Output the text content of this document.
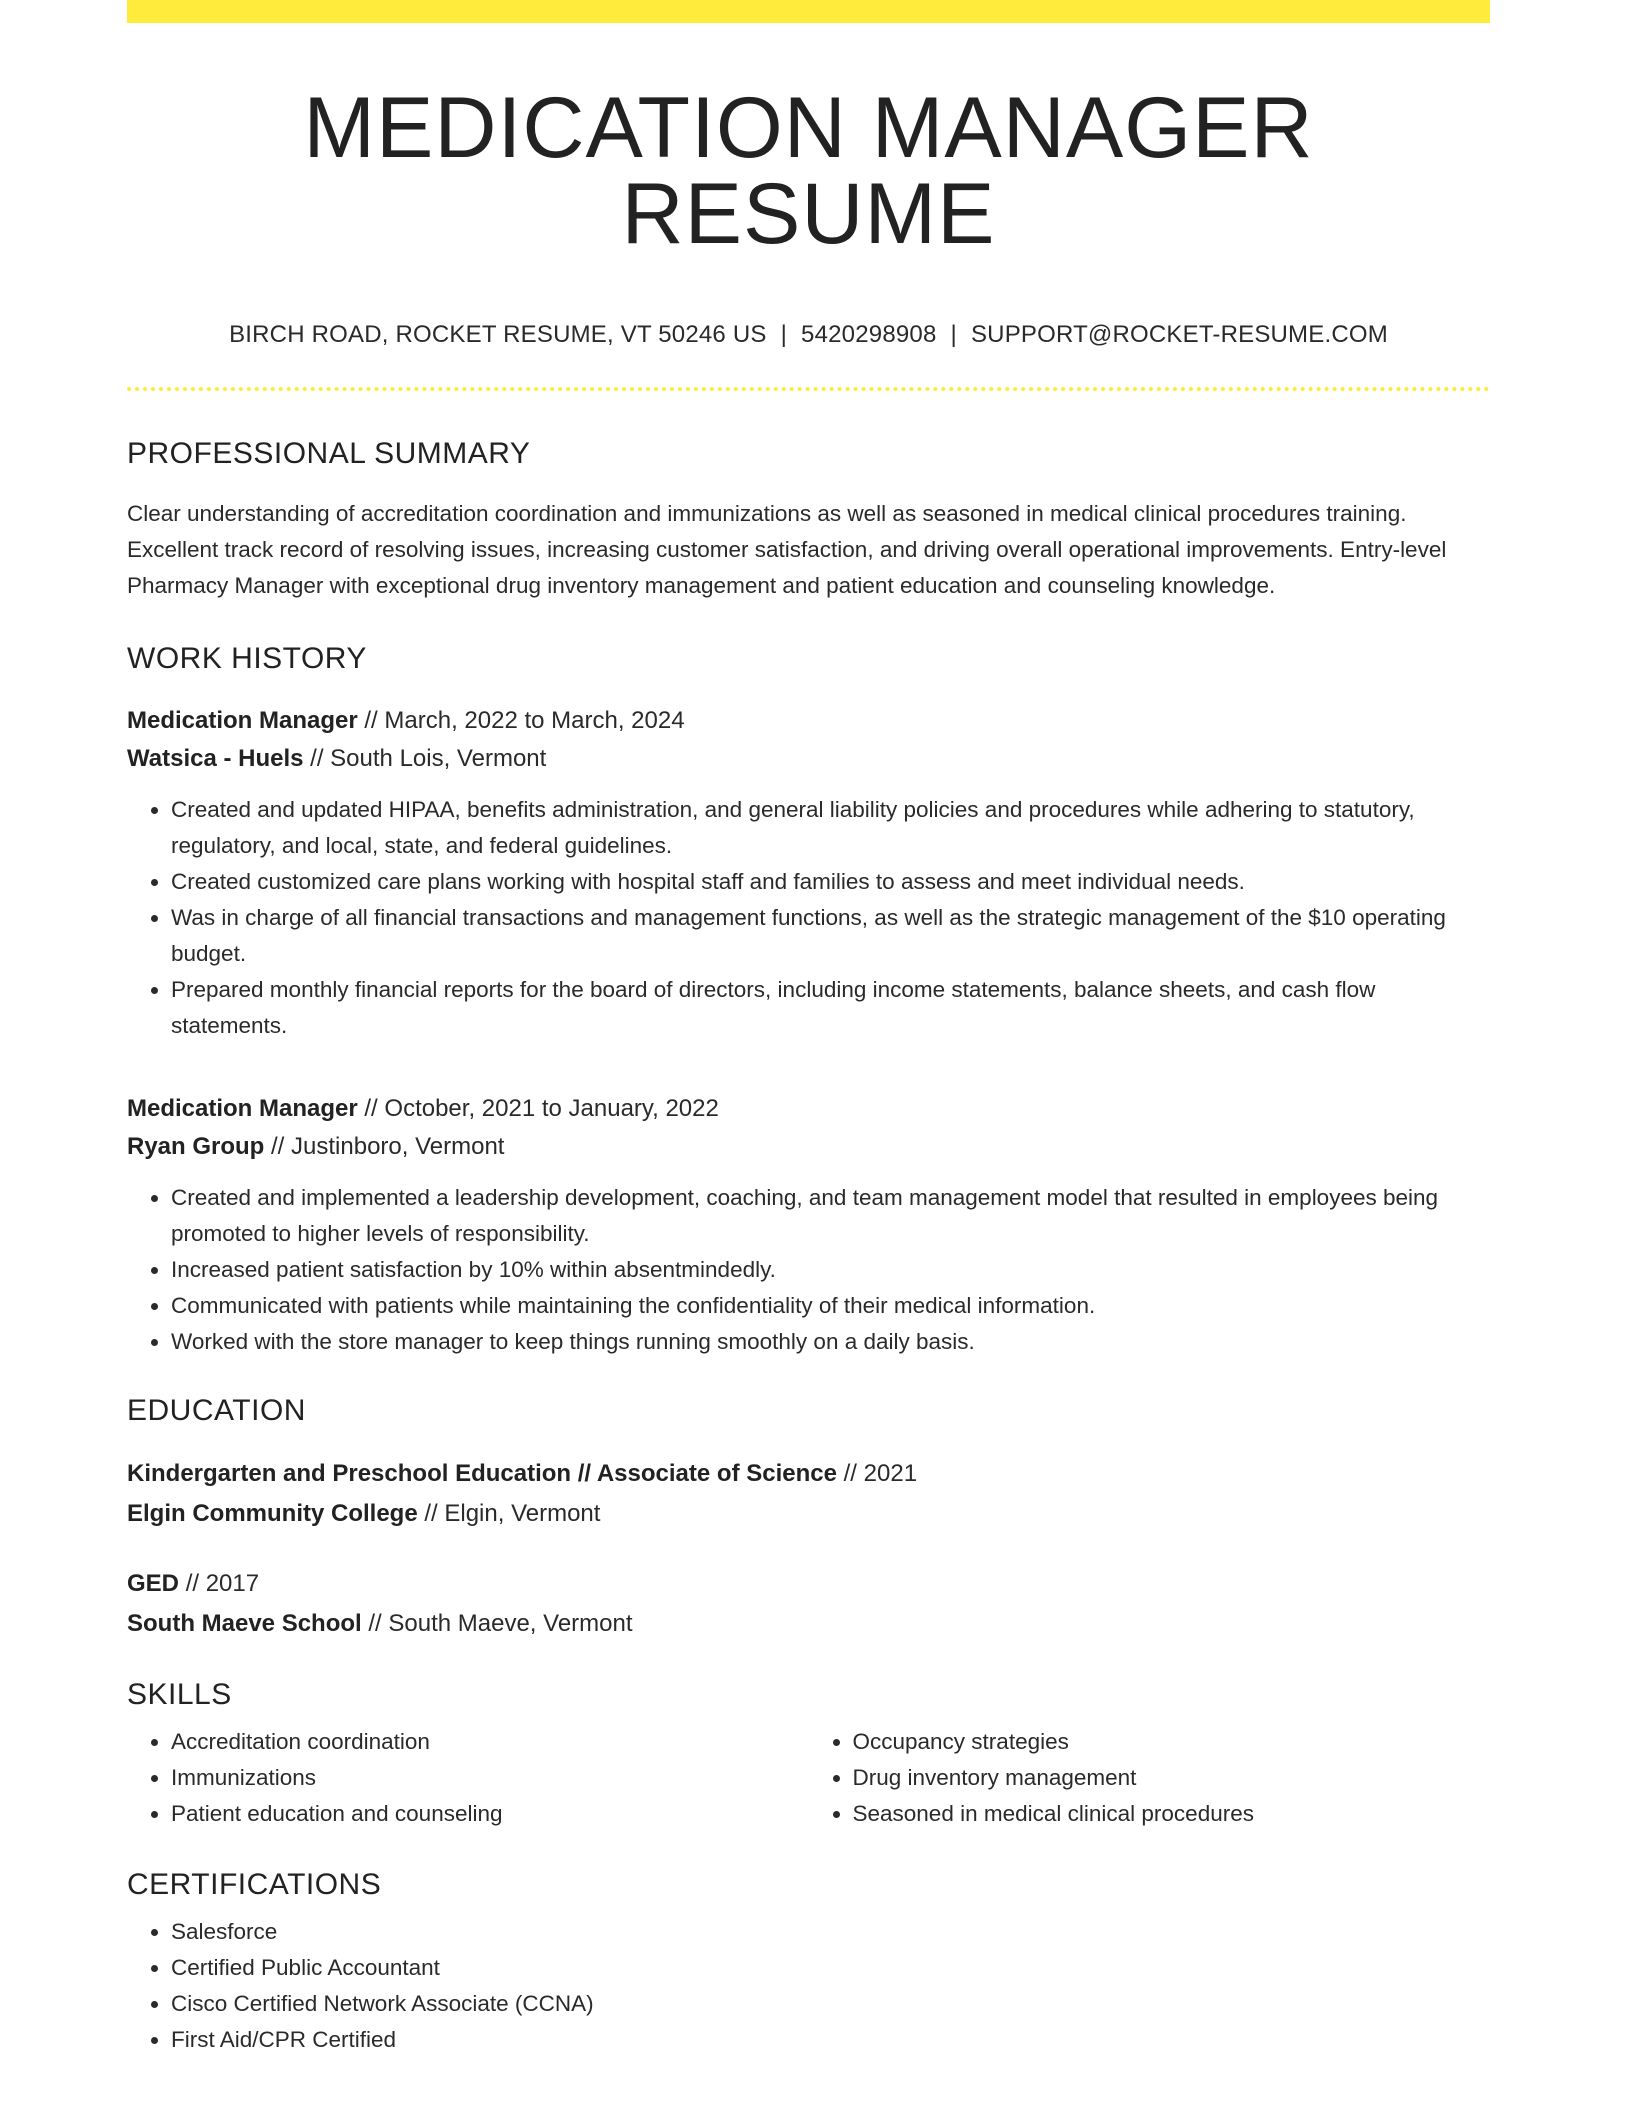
MEDICATION MANAGER RESUME
BIRCH ROAD, ROCKET RESUME, VT 50246 US | 5420298908 | SUPPORT@ROCKET-RESUME.COM
PROFESSIONAL SUMMARY
Clear understanding of accreditation coordination and immunizations as well as seasoned in medical clinical procedures training. Excellent track record of resolving issues, increasing customer satisfaction, and driving overall operational improvements. Entry-level Pharmacy Manager with exceptional drug inventory management and patient education and counseling knowledge.
WORK HISTORY
Medication Manager // March, 2022 to March, 2024
Watsica - Huels // South Lois, Vermont
• Created and updated HIPAA, benefits administration, and general liability policies and procedures while adhering to statutory, regulatory, and local, state, and federal guidelines.
• Created customized care plans working with hospital staff and families to assess and meet individual needs.
• Was in charge of all financial transactions and management functions, as well as the strategic management of the $10 operating budget.
• Prepared monthly financial reports for the board of directors, including income statements, balance sheets, and cash flow statements.
Medication Manager // October, 2021 to January, 2022
Ryan Group // Justinboro, Vermont
• Created and implemented a leadership development, coaching, and team management model that resulted in employees being promoted to higher levels of responsibility.
• Increased patient satisfaction by 10% within absentmindedly.
• Communicated with patients while maintaining the confidentiality of their medical information.
• Worked with the store manager to keep things running smoothly on a daily basis.
EDUCATION
Kindergarten and Preschool Education // Associate of Science // 2021
Elgin Community College // Elgin, Vermont
GED // 2017
South Maeve School // South Maeve, Vermont
SKILLS
• Accreditation coordination
• Immunizations
• Patient education and counseling
• Occupancy strategies
• Drug inventory management
• Seasoned in medical clinical procedures
CERTIFICATIONS
• Salesforce
• Certified Public Accountant
• Cisco Certified Network Associate (CCNA)
• First Aid/CPR Certified
